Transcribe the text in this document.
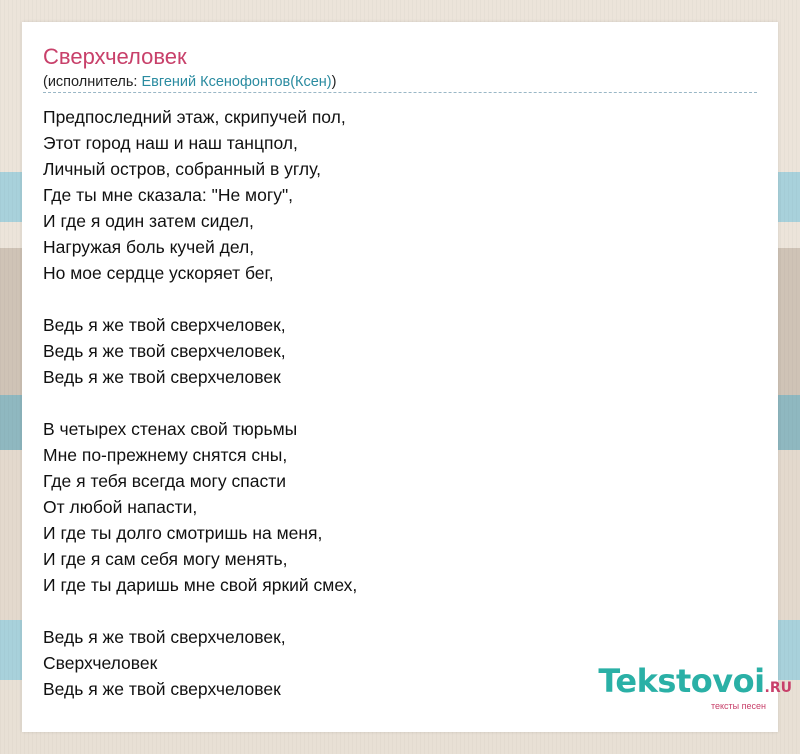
Сверхчеловек
(исполнитель: Евгений Ксенофонтов(Ксен))
Предпоследний этаж, скрипучей пол,
Этот город наш и наш танцпол,
Личный остров, собранный в углу,
Где ты мне сказала: "Не могу",
И где я один затем сидел,
Нагружая боль кучей дел,
Но мое сердце ускоряет бег,
Ведь я же твой сверхчеловек,
Ведь я же твой сверхчеловек,
Ведь я же твой сверхчеловек
В четырех стенах свой тюрьмы
Мне по-прежнему снятся сны,
Где я тебя всегда могу спасти
От любой напасти,
И где ты долго смотришь на меня,
И где я сам себя могу менять,
И где ты даришь мне свой яркий смех,
Ведь я же твой сверхчеловек,
Сверхчеловек
Ведь я же твой сверхчеловек	Tekstovoi.RU
тексты песен
